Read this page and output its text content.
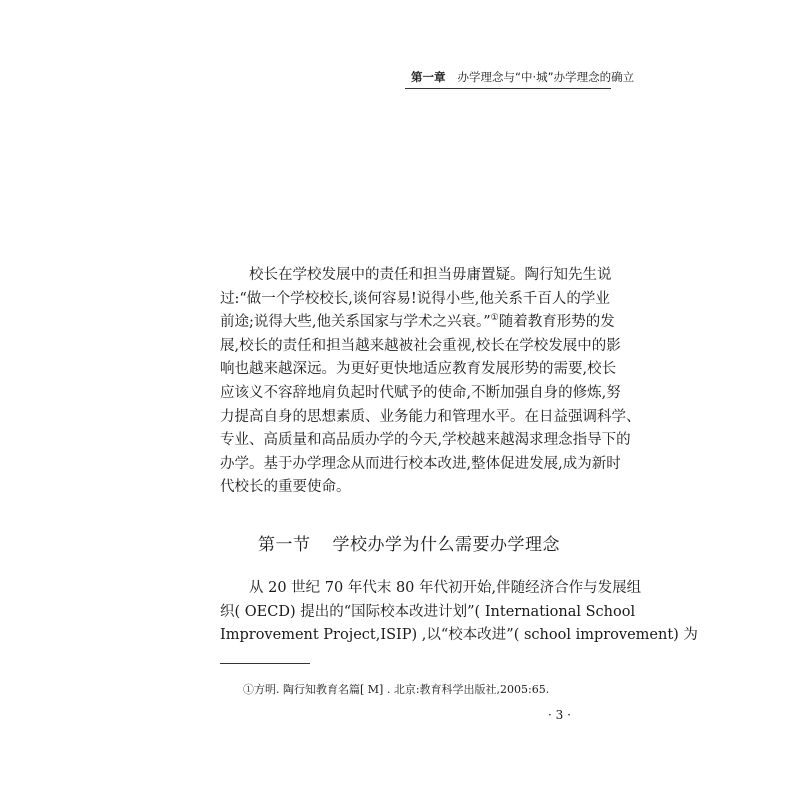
第一章 办学理念与“中·城”办学理念的确立
校长在学校发展中的责任和担当毋庸置疑。陶行知先生说
过:“做一个学校校长,谈何容易!说得小些,他关系千百人的学业
前途;说得大些,他关系国家与学术之兴衰。”①随着教育形势的发
展,校长的责任和担当越来越被社会重视,校长在学校发展中的影
响也越来越深远。为更好更快地适应教育发展形势的需要,校长
应该义不容辞地肩负起时代赋予的使命,不断加强自身的修炼,努
力提高自身的思想素质、业务能力和管理水平。在日益强调科学、
专业、高质量和高品质办学的今天,学校越来越渴求理念指导下的
办学。基于办学理念从而进行校本改进,整体促进发展,成为新时
代校长的重要使命。
第一节 学校办学为什么需要办学理念
从 20 世纪 70 年代末 80 年代初开始,伴随经济合作与发展组
织( OECD) 提出的“国际校本改进计划”( International School
Improvement Project,ISIP) ,以“校本改进”( school improvement) 为
①方明. 陶行知教育名篇[ M] . 北京:教育科学出版社,2005:65.
· 3 ·
